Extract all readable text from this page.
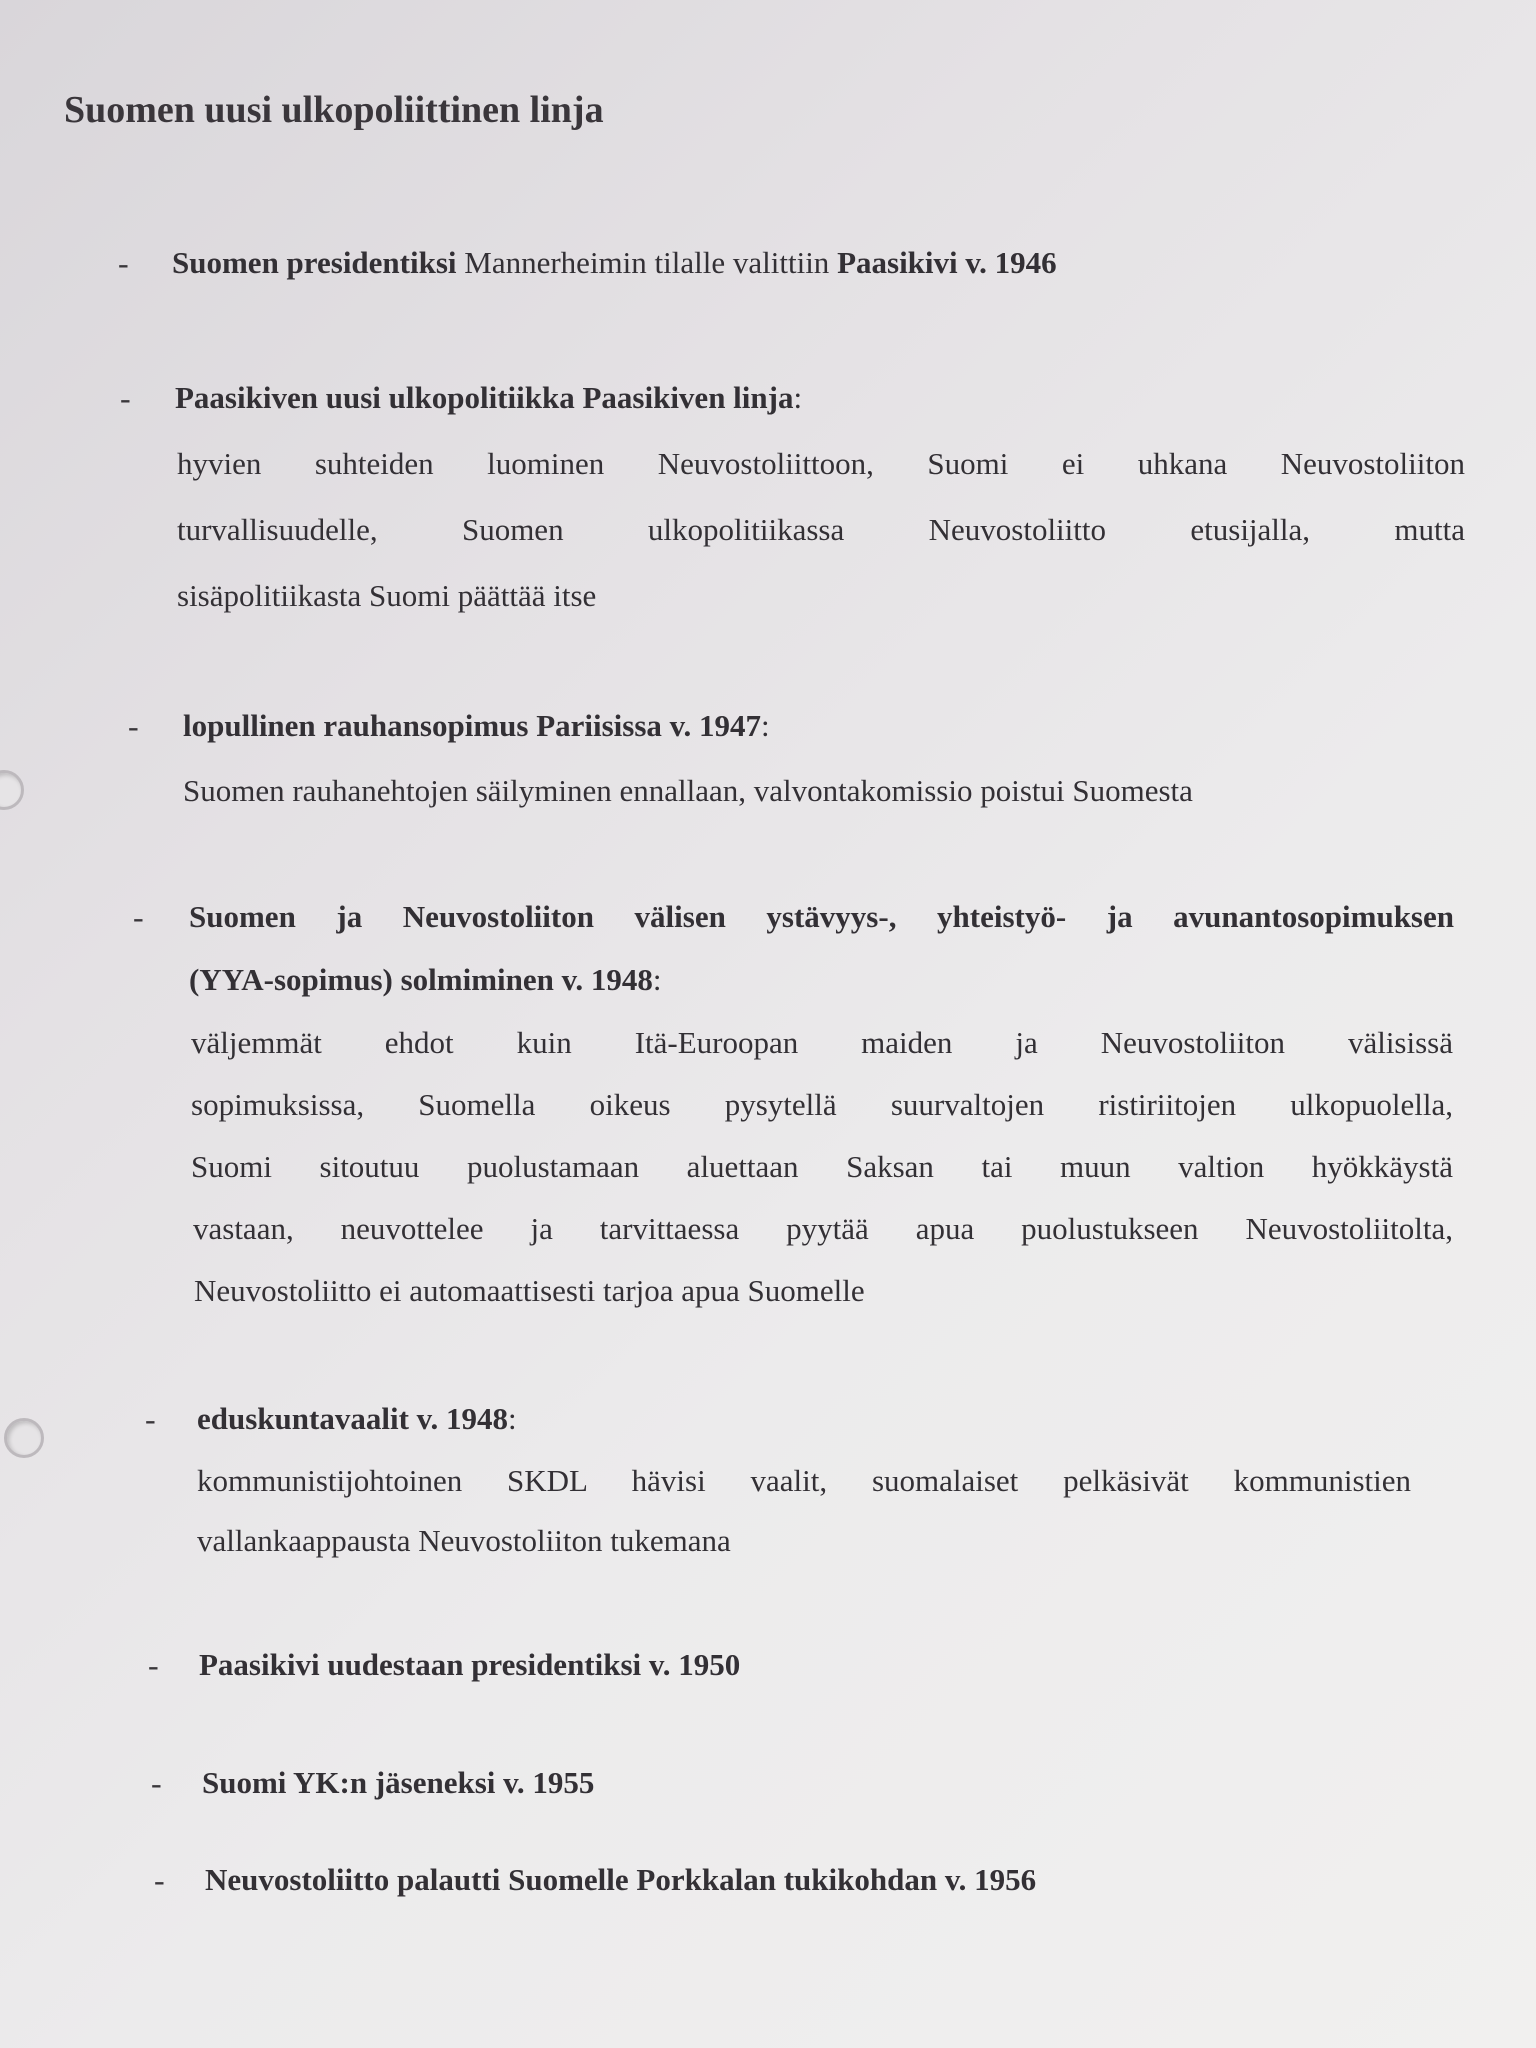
Suomen uusi ulkopoliittinen linja
- Suomen presidentiksi Mannerheimin tilalle valittiin Paasikivi v. 1946
- Paasikiven uusi ulkopolitiikka Paasikiven linja:
hyvien suhteiden luominen Neuvostoliittoon, Suomi ei uhkana Neuvostoliiton
turvallisuudelle, Suomen ulkopolitiikassa Neuvostoliitto etusijalla, mutta
sisäpolitiikasta Suomi päättää itse
- lopullinen rauhansopimus Pariisissa v. 1947:
Suomen rauhanehtojen säilyminen ennallaan, valvontakomissio poistui Suomesta
- Suomen ja Neuvostoliiton välisen ystävyys-, yhteistyö- ja avunantosopimuksen
(YYA-sopimus) solmiminen v. 1948:
väljemmät ehdot kuin Itä-Euroopan maiden ja Neuvostoliiton välisissä
sopimuksissa, Suomella oikeus pysytellä suurvaltojen ristiriitojen ulkopuolella,
Suomi sitoutuu puolustamaan aluettaan Saksan tai muun valtion hyökkäystä
vastaan, neuvottelee ja tarvittaessa pyytää apua puolustukseen Neuvostoliitolta,
Neuvostoliitto ei automaattisesti tarjoa apua Suomelle
- eduskuntavaalit v. 1948:
kommunistijohtoinen SKDL hävisi vaalit, suomalaiset pelkäsivät kommunistien
vallankaappausta Neuvostoliiton tukemana
- Paasikivi uudestaan presidentiksi v. 1950
- Suomi YK:n jäseneksi v. 1955
- Neuvostoliitto palautti Suomelle Porkkalan tukikohdan v. 1956
